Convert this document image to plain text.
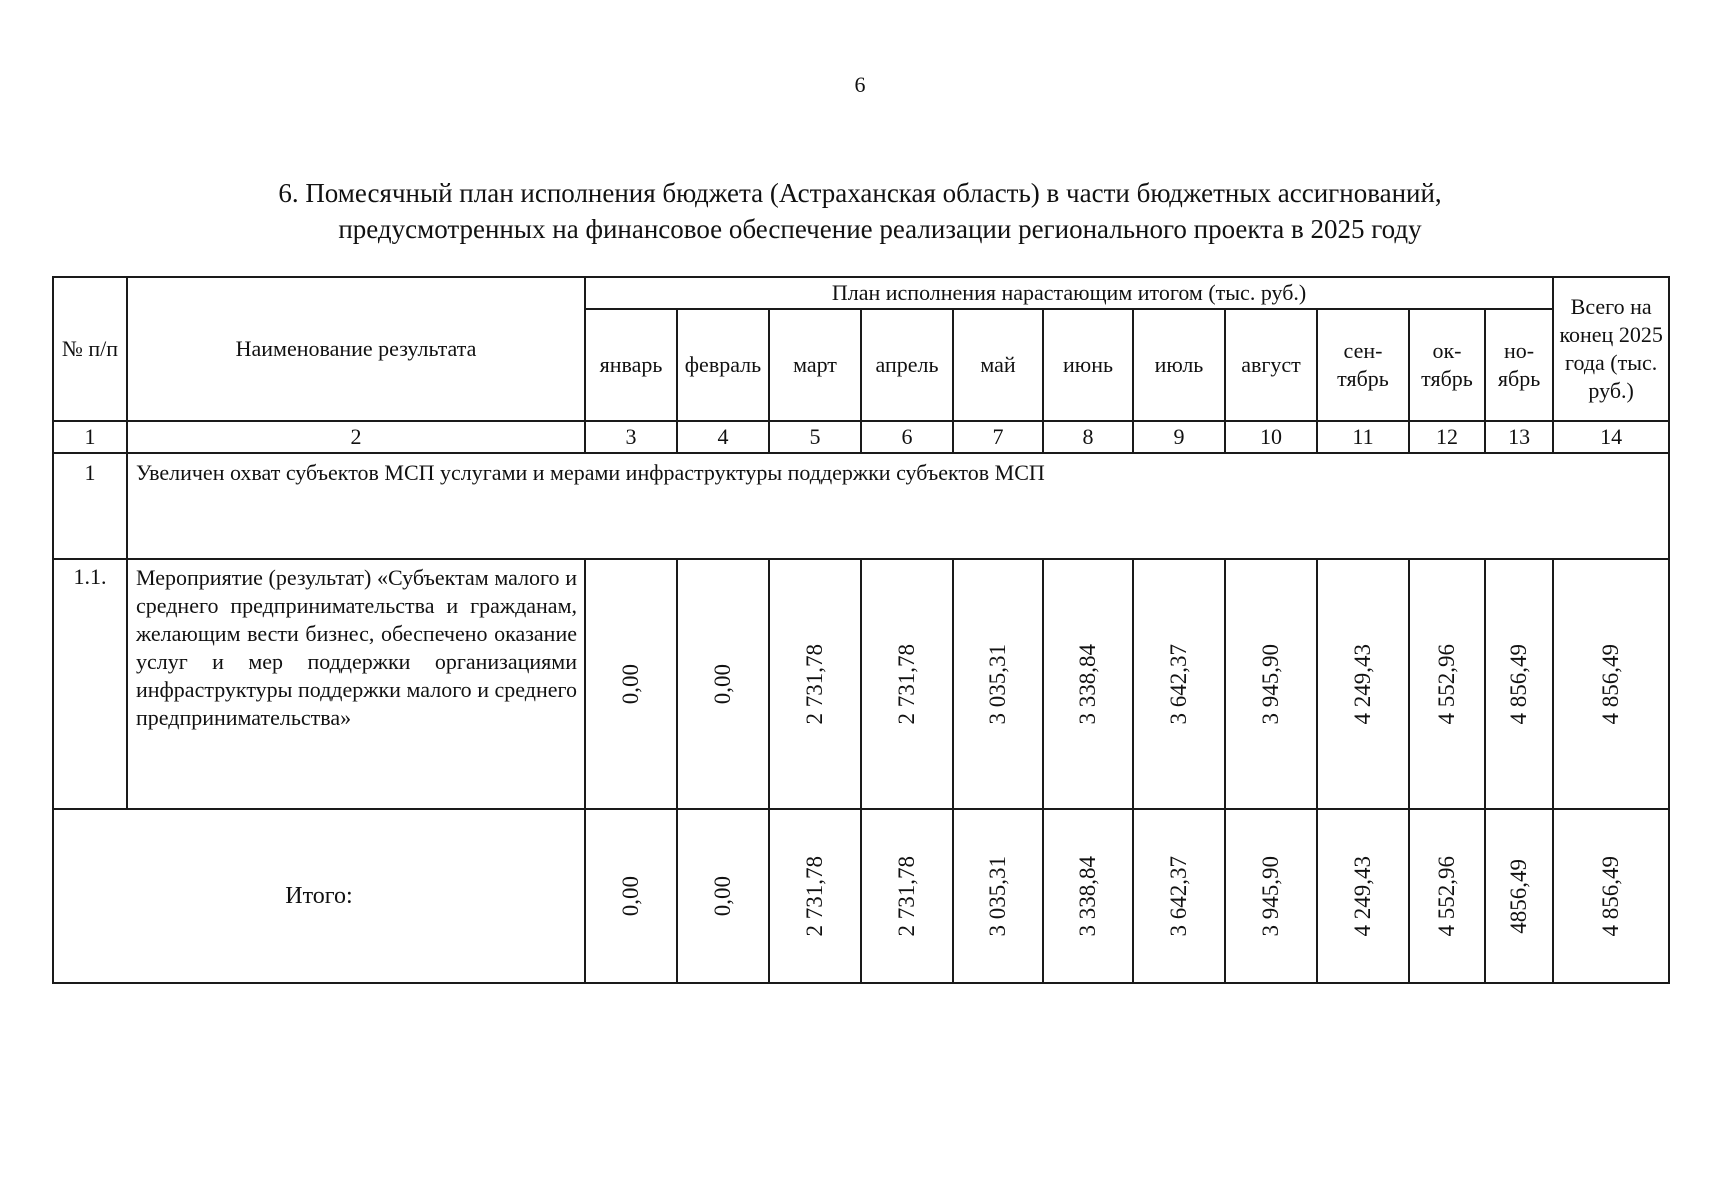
6
6. Помесячный план исполнения бюджета (Астраханская область) в части бюджетных ассигнований,
предусмотренных на финансовое обеспечение реализации регионального проекта в 2025 году
№ п/п	Наименование результата	План исполнения нарастающим итогом (тыс. руб.)											Всего на конец 2025 года (тыс. руб.)
		январь	февраль	март	апрель	май	июнь	июль	август	сен-тябрь	ок-тябрь	но-ябрь	
1	2	3	4	5	6	7	8	9	10	11	12	13	14
1	Увеличен охват субъектов МСП услугами и мерами инфраструктуры поддержки субъектов МСП												
1.1.	Мероприятие (результат) «Субъектам малого и среднего предпринимательства и гражданам, желающим вести бизнес, обеспечено оказание услуг и мер поддержки организациями инфраструктуры поддержки малого и среднего предпринимательства»	0,00	0,00	2 731,78	2 731,78	3 035,31	3 338,84	3 642,37	3 945,90	4 249,43	4 552,96	4 856,49	4 856,49

Итого:		0,00	0,00	2 731,78	2 731,78	3 035,31	3 338,84	3 642,37	3 945,90	4 249,43	4 552,96	4856,49	4 856,49
